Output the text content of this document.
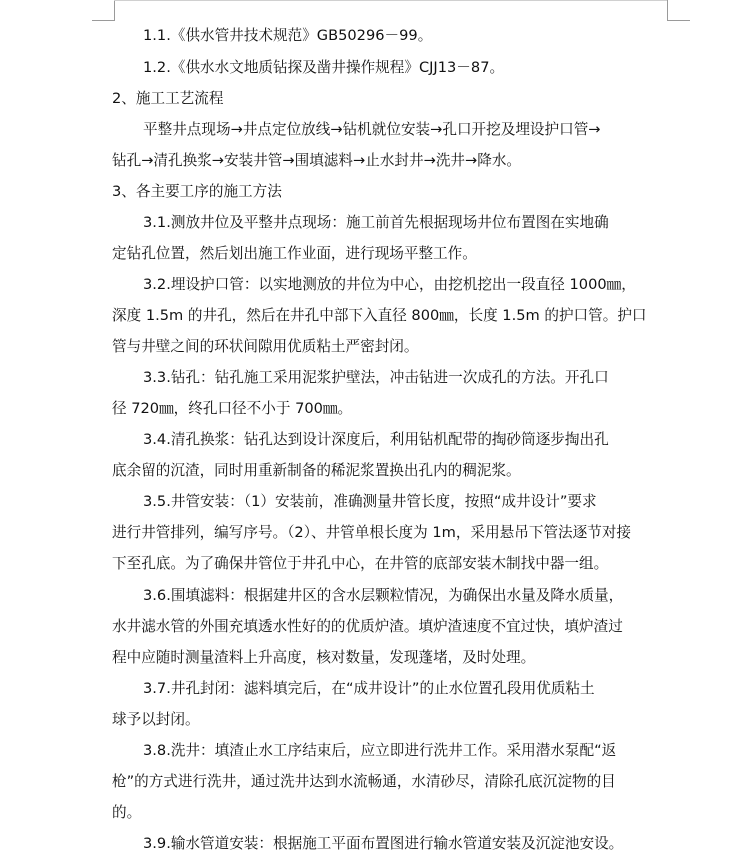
1.1.《供水管井技术规范》GB50296－99。
1.2.《供水水文地质钻探及凿井操作规程》CJJ13－87。
2、施工工艺流程
平整井点现场→井点定位放线→钻机就位安装→孔口开挖及埋设护口管→
钻孔→清孔换浆→安装井管→围填滤料→止水封井→洗井→降水。
3、各主要工序的施工方法
3.1.测放井位及平整井点现场：施工前首先根据现场井位布置图在实地确
定钻孔位置，然后划出施工作业面，进行现场平整工作。
3.2.埋设护口管：以实地测放的井位为中心，由挖机挖出一段直径 1000㎜，
深度 1.5m 的井孔，然后在井孔中部下入直径 800㎜，长度 1.5m 的护口管。护口
管与井壁之间的环状间隙用优质粘土严密封闭。
3.3.钻孔：钻孔施工采用泥浆护壁法，冲击钻进一次成孔的方法。开孔口
径 720㎜，终孔口径不小于 700㎜。
3.4.清孔换浆：钻孔达到设计深度后，利用钻机配带的掏砂筒逐步掏出孔
底余留的沉渣，同时用重新制备的稀泥浆置换出孔内的稠泥浆。
3.5.井管安装：（1）安装前，准确测量井管长度，按照“成井设计”要求
进行井管排列，编写序号。（2）、井管单根长度为 1m，采用悬吊下管法逐节对接
下至孔底。为了确保井管位于井孔中心，在井管的底部安装木制找中器一组。
3.6.围填滤料：根据建井区的含水层颗粒情况，为确保出水量及降水质量，
水井滤水管的外围充填透水性好的的优质炉渣。填炉渣速度不宜过快，填炉渣过
程中应随时测量渣料上升高度，核对数量，发现蓬堵，及时处理。
3.7.井孔封闭：滤料填完后，在“成井设计”的止水位置孔段用优质粘土
球予以封闭。
3.8.洗井：填渣止水工序结束后，应立即进行洗井工作。采用潜水泵配“返
枪”的方式进行洗井，通过洗井达到水流畅通，水清砂尽，清除孔底沉淀物的目
的。
3.9.输水管道安装：根据施工平面布置图进行输水管道安装及沉淀池安设。
